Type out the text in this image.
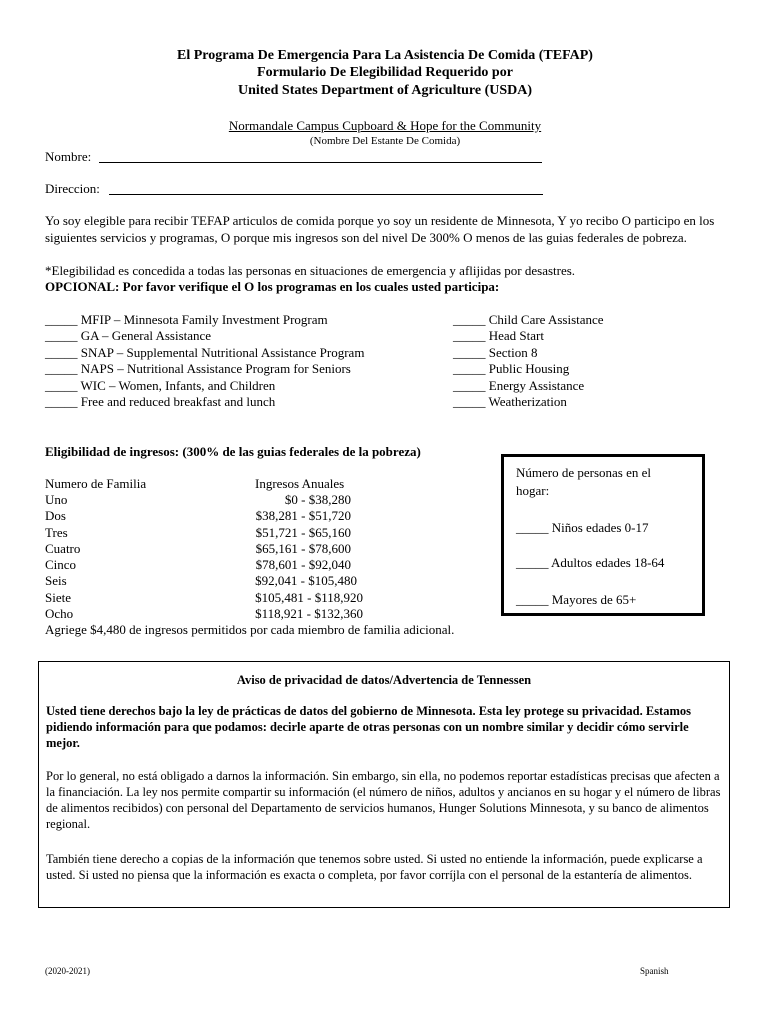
El Programa De Emergencia Para La Asistencia De Comida (TEFAP)
Formulario De Elegibilidad Requerido por
United States Department of Agriculture (USDA)
Normandale Campus Cupboard & Hope for the Community
(Nombre Del Estante De Comida)
Nombre:
Direccion:
Yo soy elegible para recibir TEFAP articulos de comida porque yo soy un residente de Minnesota, Y yo recibo O participo en los siguientes servicios y programas, O porque mis ingresos son del nivel De 300% O menos de las guias federales de pobreza.
*Elegibilidad es concedida a todas las personas en situaciones de emergencia y aflijidas por desastres.
OPCIONAL: Por favor verifique el O los programas en los cuales usted participa:
_____ MFIP – Minnesota Family Investment Program
_____ GA – General Assistance
_____ SNAP – Supplemental Nutritional Assistance Program
_____ NAPS – Nutritional Assistance Program for Seniors
_____ WIC – Women, Infants, and Children
_____ Free and reduced breakfast and lunch
_____ Child Care Assistance
_____ Head Start
_____ Section 8
_____ Public Housing
_____ Energy Assistance
_____ Weatherization
Eligibilidad de ingresos: (300% de las guias federales de la pobreza)
Numero de Familia	Ingresos Anuales
Uno	$0 - $38,280
Dos	$38,281 - $51,720
Tres	$51,721 - $65,160
Cuatro	$65,161 - $78,600
Cinco	$78,601 - $92,040
Seis	$92,041 - $105,480
Siete	$105,481 - $118,920
Ocho	$118,921 - $132,360
Agriege $4,480 de ingresos permitidos por cada miembro de familia adicional.
Número de personas en el
hogar:
_____ Niños edades 0-17
_____ Adultos edades 18-64
_____ Mayores de 65+
Aviso de privacidad de datos/Advertencia de Tennessen
Usted tiene derechos bajo la ley de prácticas de datos del gobierno de Minnesota. Esta ley protege su privacidad. Estamos pidiendo información para que podamos: decirle aparte de otras personas con un nombre similar y decidir cómo servirle mejor.
Por lo general, no está obligado a darnos la información. Sin embargo, sin ella, no podemos reportar estadísticas precisas que afecten a la financiación. La ley nos permite compartir su información (el número de niños, adultos y ancianos en su hogar y el número de libras de alimentos recibidos) con personal del Departamento de servicios humanos, Hunger Solutions Minnesota, y su banco de alimentos regional.
También tiene derecho a copias de la información que tenemos sobre usted. Si usted no entiende la información, puede explicarse a usted. Si usted no piensa que la información es exacta o completa, por favor corríjla con el personal de la estantería de alimentos.
(2020-2021)	Spanish
